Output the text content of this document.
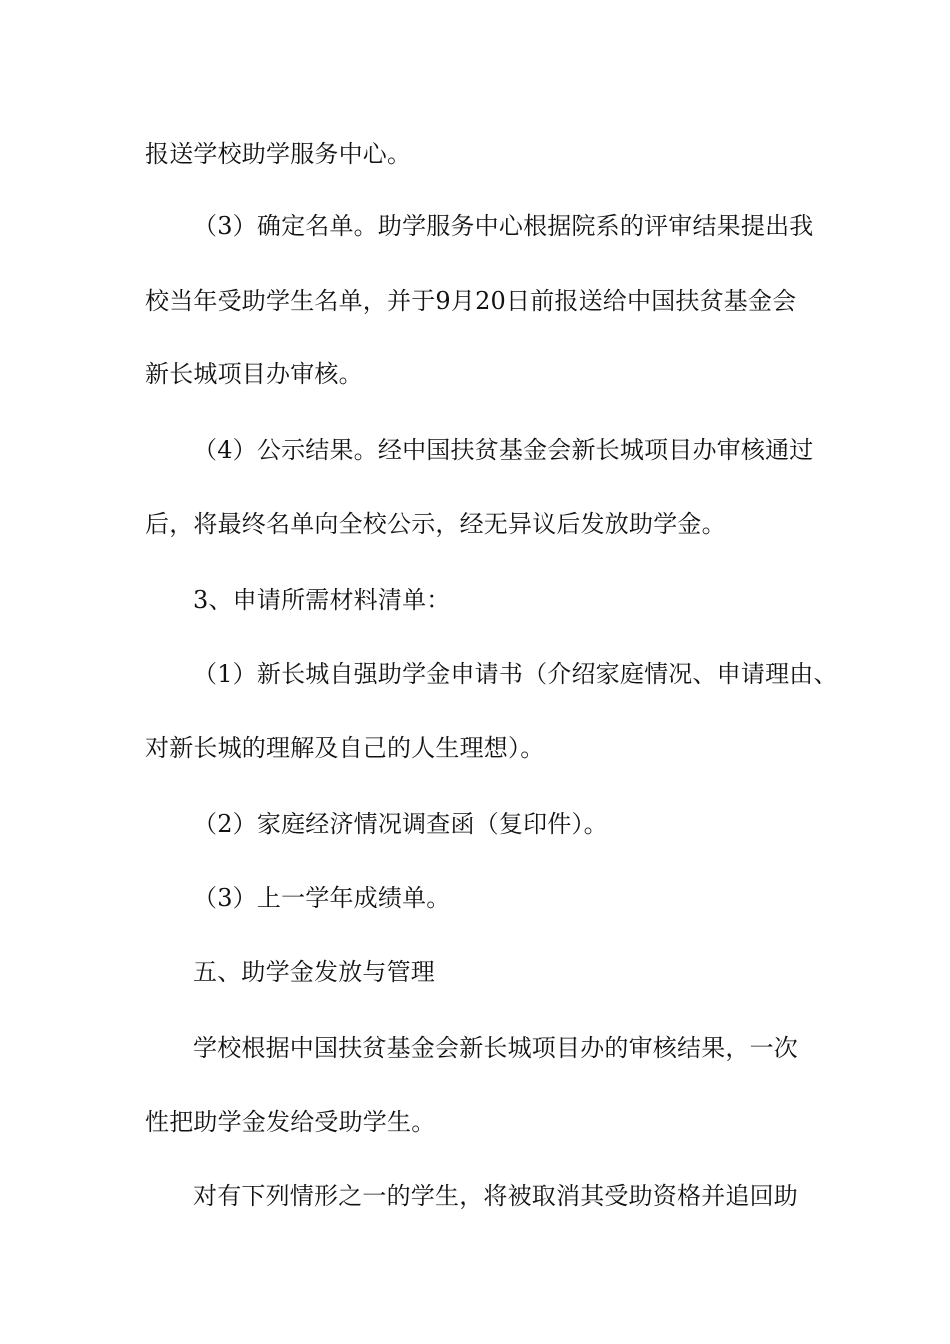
报送学校助学服务中心。

（3）确定名单。助学服务中心根据院系的评审结果提出我

校当年受助学生名单，并于9月20日前报送给中国扶贫基金会

新长城项目办审核。

（4）公示结果。经中国扶贫基金会新长城项目办审核通过

后，将最终名单向全校公示，经无异议后发放助学金。

3、申请所需材料清单：

（1）新长城自强助学金申请书（介绍家庭情况、申请理由、

对新长城的理解及自己的人生理想）。

（2）家庭经济情况调查函（复印件）。

（3）上一学年成绩单。

五、助学金发放与管理

学校根据中国扶贫基金会新长城项目办的审核结果，一次

性把助学金发给受助学生。

对有下列情形之一的学生，将被取消其受助资格并追回助
